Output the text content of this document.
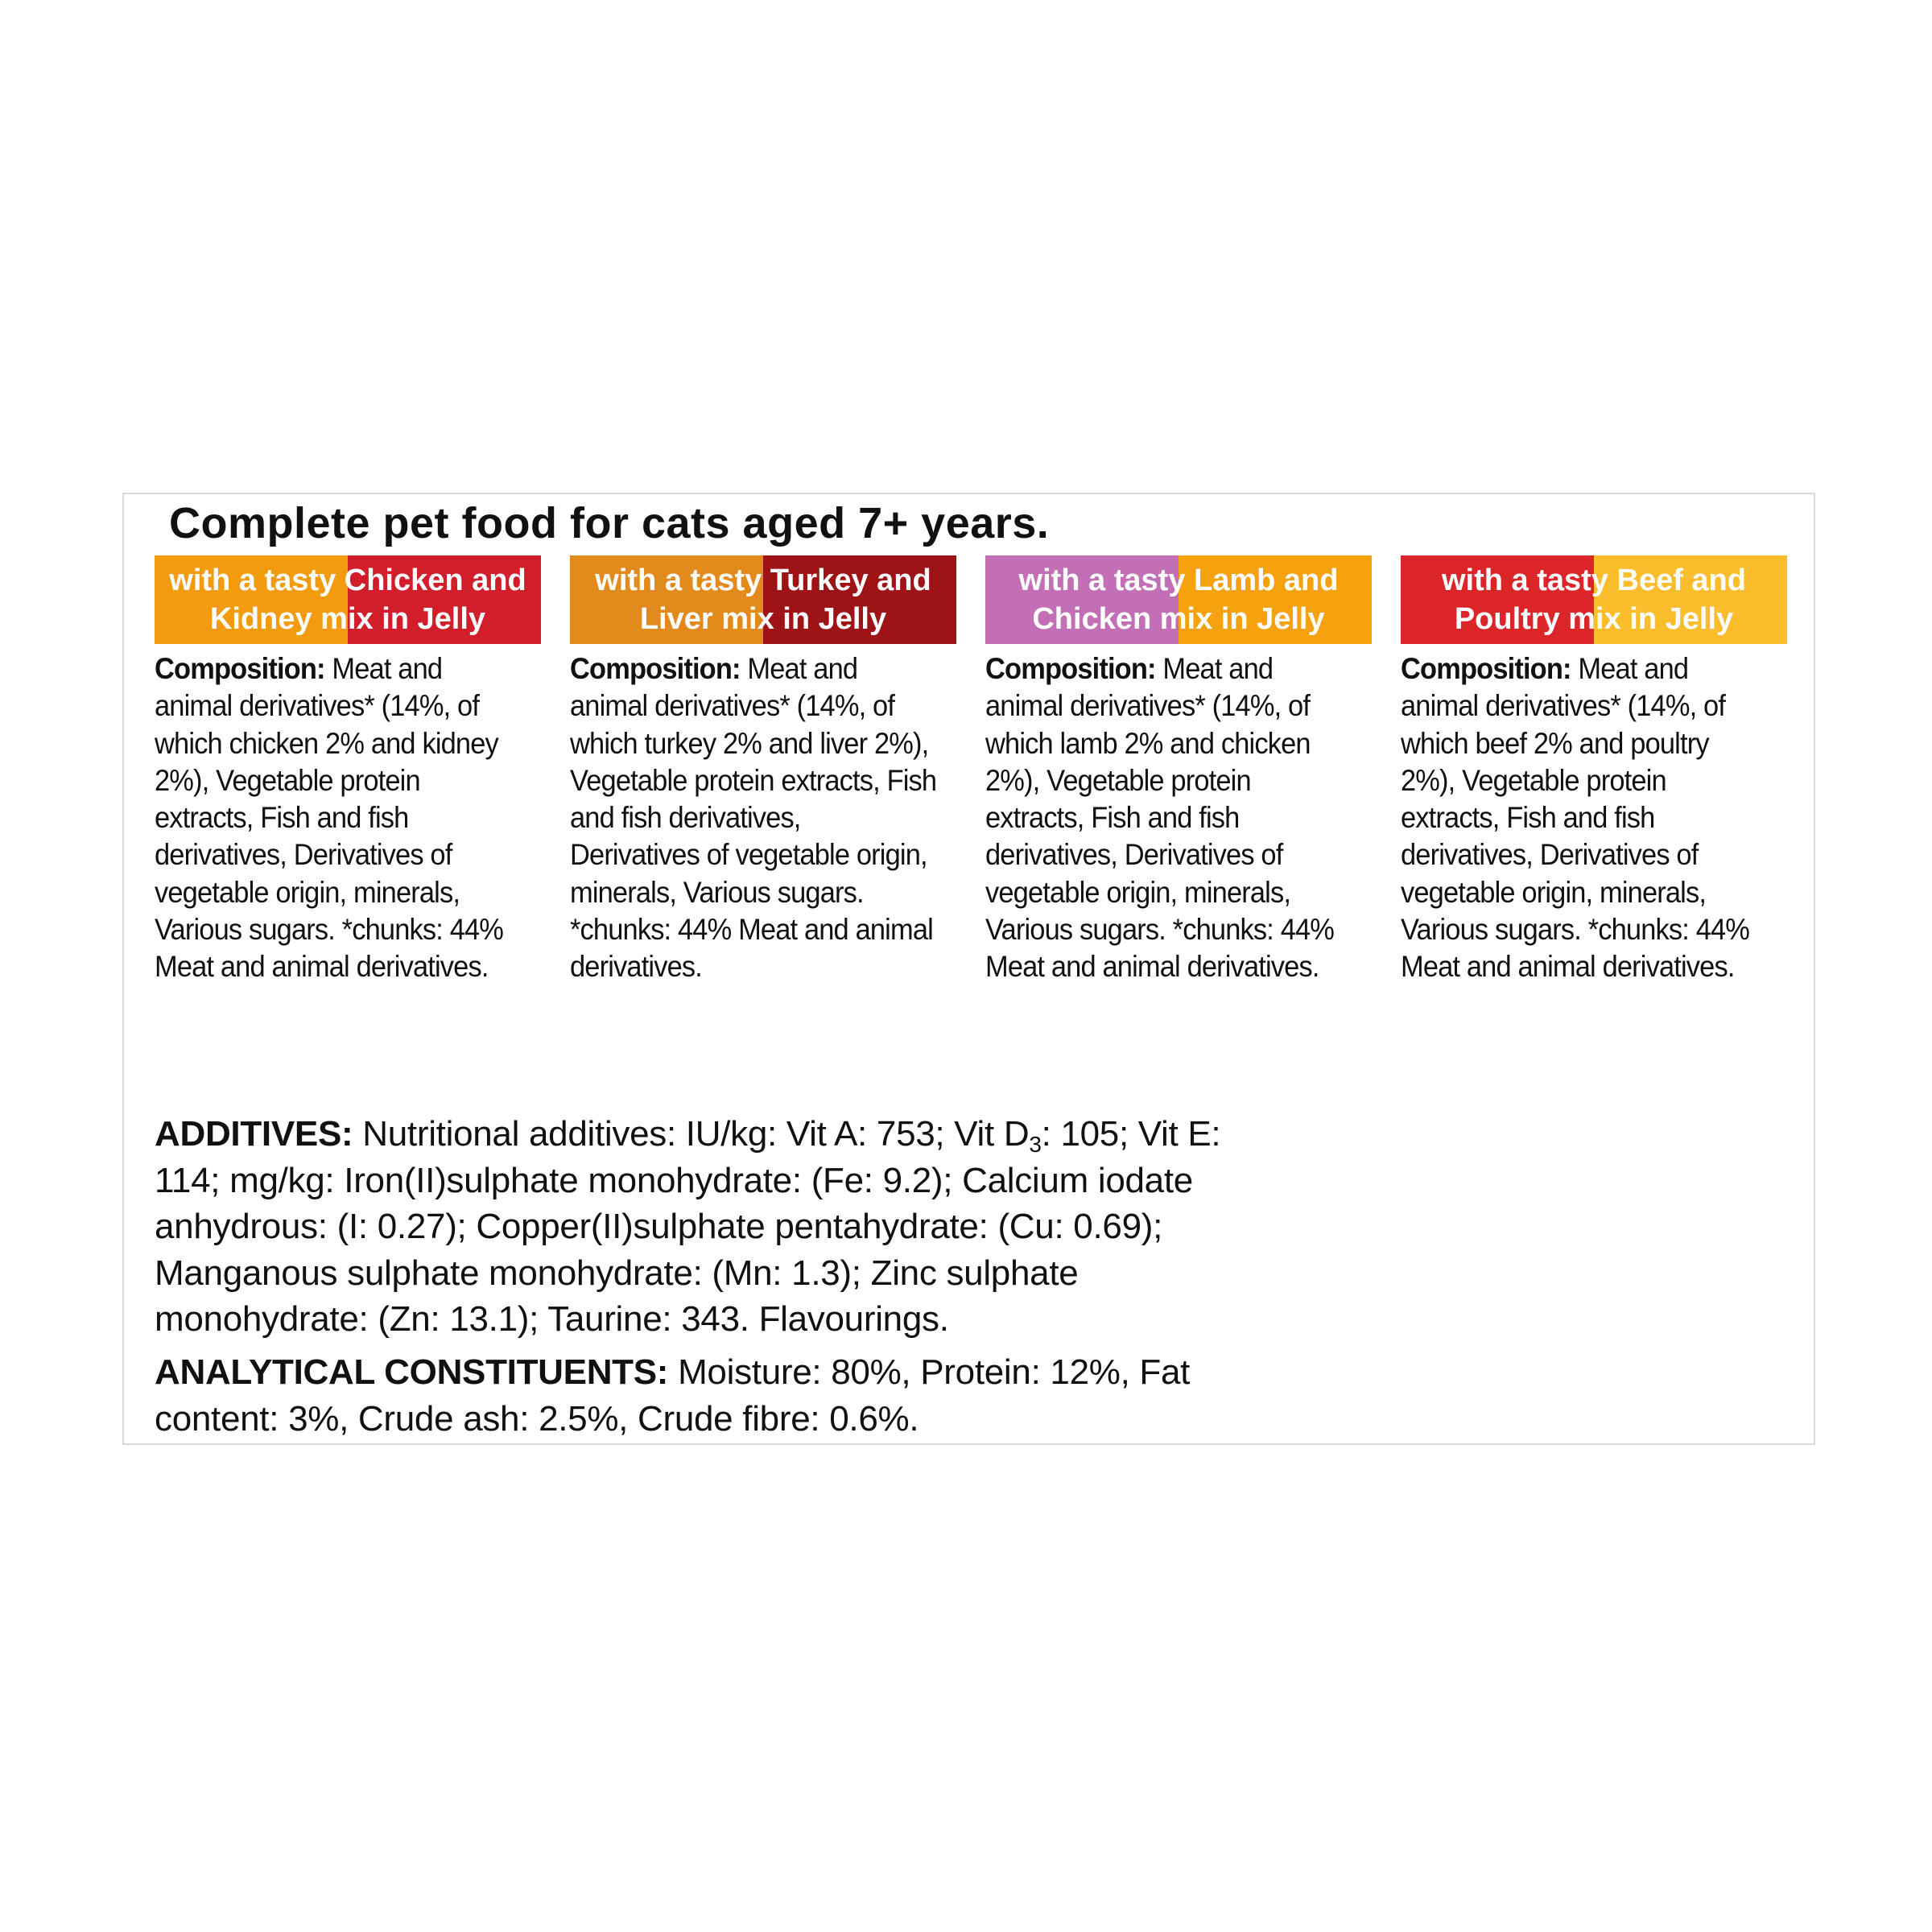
Complete pet food for cats aged 7+ years.
with a tasty Chicken and
Kidney mix in Jelly
with a tasty Turkey and
Liver mix in Jelly
with a tasty Lamb and
Chicken mix in Jelly
with a tasty Beef and
Poultry mix in Jelly
Composition: Meat and animal derivatives* (14%, of which chicken 2% and kidney 2%), Vegetable protein extracts, Fish and fish derivatives, Derivatives of vegetable origin, minerals, Various sugars. *chunks: 44% Meat and animal derivatives.
Composition: Meat and animal derivatives* (14%, of which turkey 2% and liver 2%), Vegetable protein extracts, Fish and fish derivatives, Derivatives of vegetable origin, minerals, Various sugars. *chunks: 44% Meat and animal derivatives.
Composition: Meat and animal derivatives* (14%, of which lamb 2% and chicken 2%), Vegetable protein extracts, Fish and fish derivatives, Derivatives of vegetable origin, minerals, Various sugars. *chunks: 44% Meat and animal derivatives.
Composition: Meat and animal derivatives* (14%, of which beef 2% and poultry 2%), Vegetable protein extracts, Fish and fish derivatives, Derivatives of vegetable origin, minerals, Various sugars. *chunks: 44% Meat and animal derivatives.
ADDITIVES: Nutritional additives: IU/kg: Vit A: 753; Vit $D_3$: 105; Vit E: 114; mg/kg: Iron(II)sulphate monohydrate: (Fe: 9.2); Calcium iodate anhydrous: (I: 0.27); Copper(II)sulphate pentahydrate: (Cu: 0.69); Manganous sulphate monohydrate: (Mn: 1.3); Zinc sulphate monohydrate: (Zn: 13.1); Taurine: 343. Flavourings.
ANALYTICAL CONSTITUENTS: Moisture: 80%, Protein: 12%, Fat content: 3%, Crude ash: 2.5%, Crude fibre: 0.6%.
